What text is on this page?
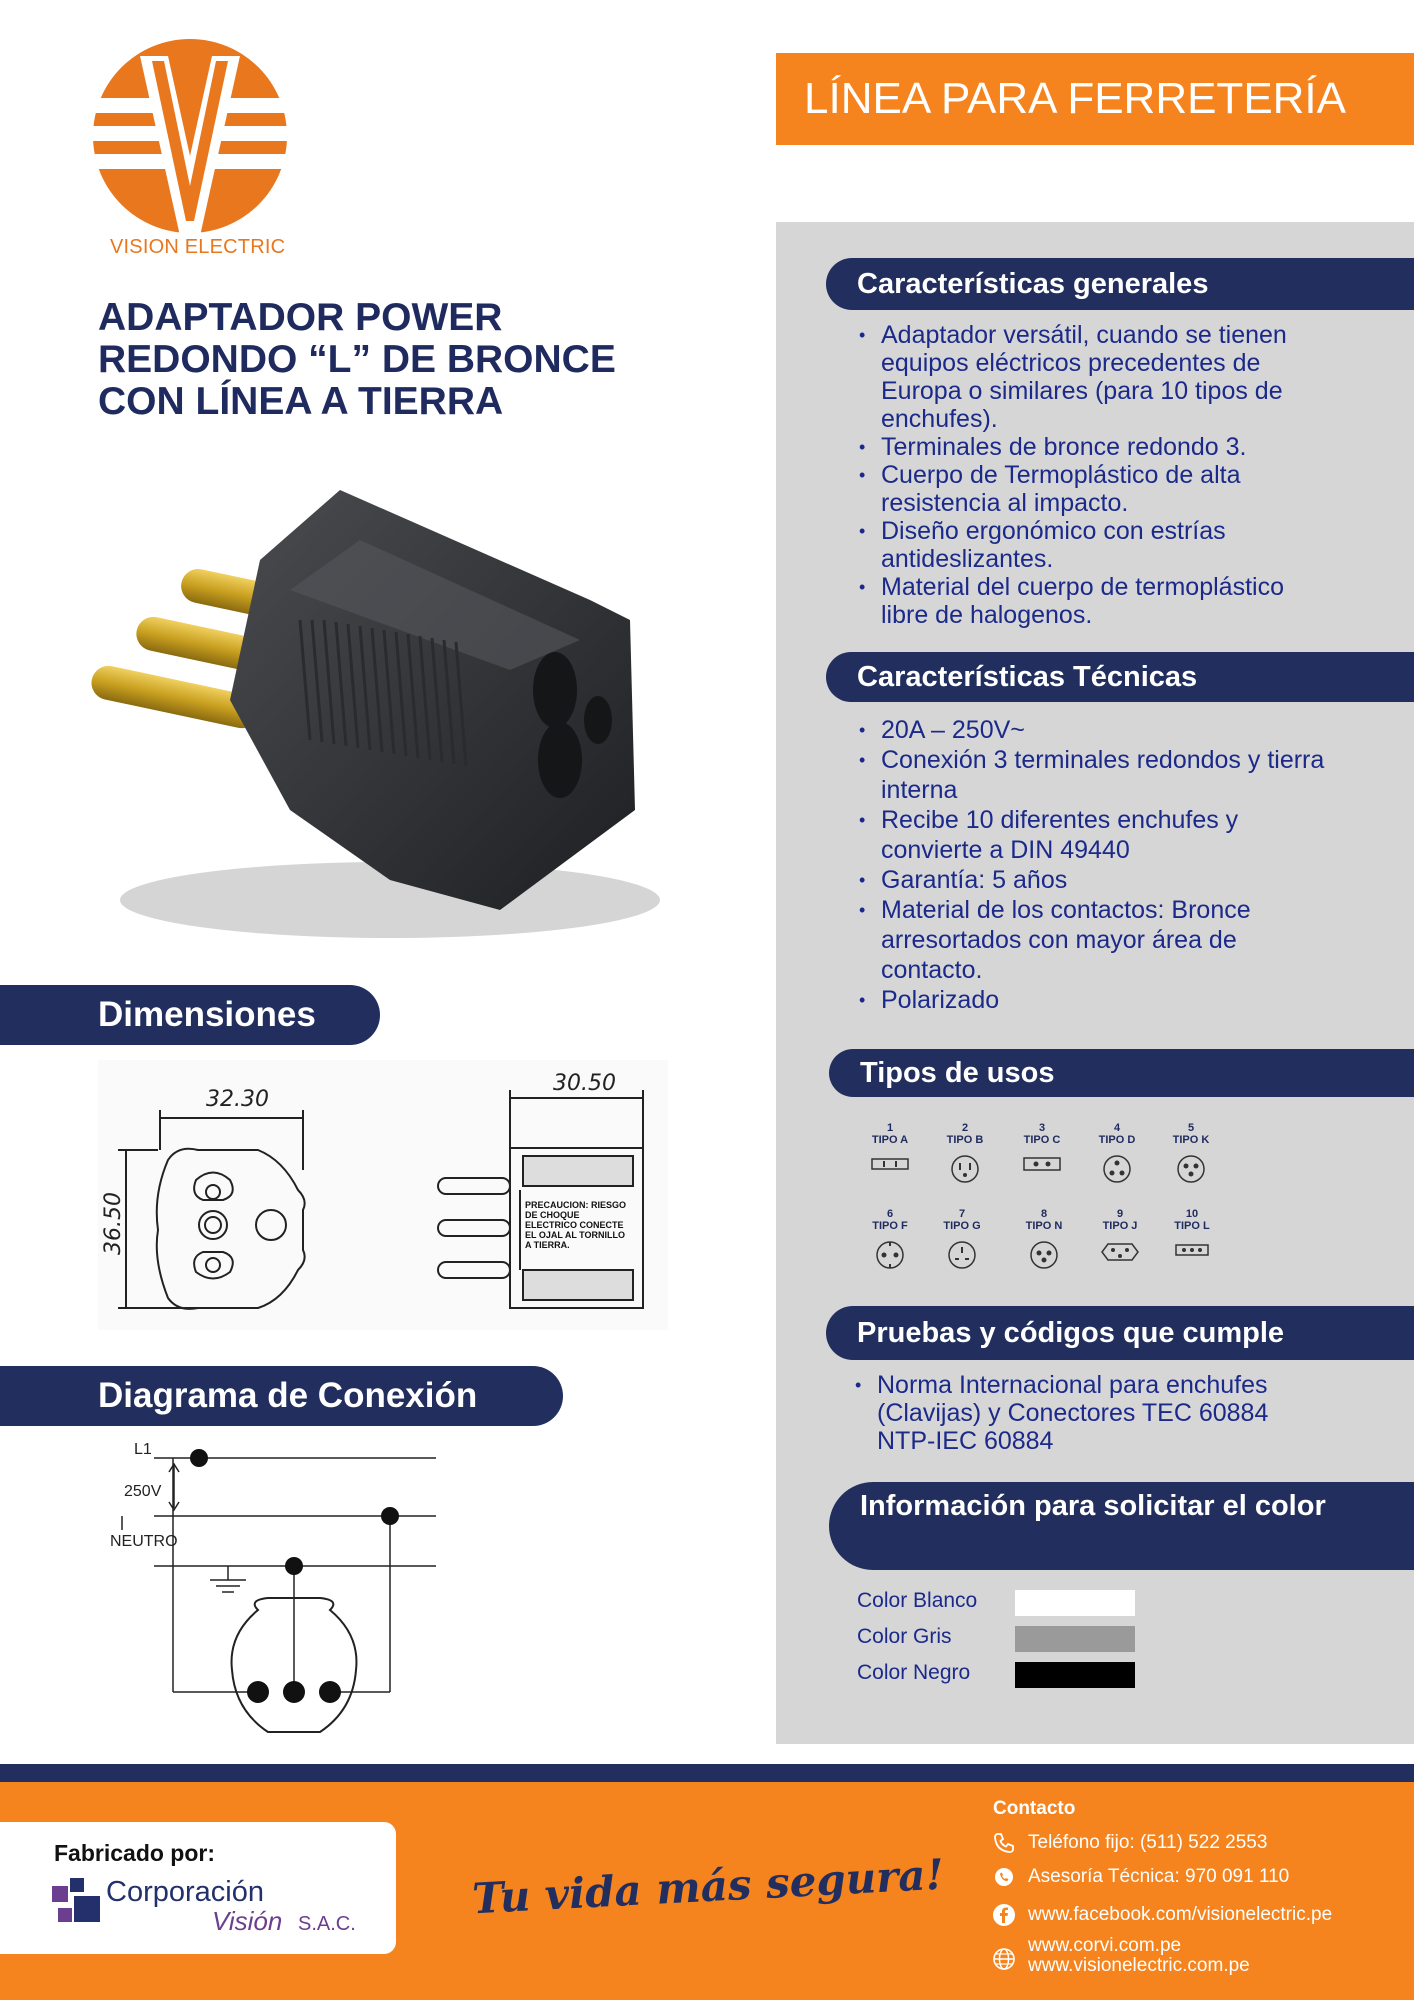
VISION ELECTRIC
ADAPTADOR POWER
REDONDO “L” DE BRONCE
CON LÍNEA A TIERRA
Dimensiones
32.30
36.50
30.50
PRECAUCION: RIESGO DE CHOQUE ELECTRICO CONECTE EL OJAL AL TORNILLO A TIERRA.
Diagrama de Conexión
L1
250V
NEUTRO
LÍNEA PARA FERRETERÍA
Características generales
• Adaptador versátil, cuando se tienen equipos eléctricos precedentes de Europa o similares (para 10 tipos de enchufes).
• Terminales de bronce redondo 3.
• Cuerpo de Termoplástico de alta resistencia al impacto.
• Diseño ergonómico con estrías antideslizantes.
• Material del cuerpo de termoplástico libre de halogenos.
Características Técnicas
• 20A – 250V~
• Conexión 3 terminales redondos y tierra interna
• Recibe 10 diferentes enchufes y convierte a DIN 49440
• Garantía: 5 años
• Material de los contactos: Bronce arresortados con mayor área de contacto.
• Polarizado
Tipos de usos
1
TIPO A
2
TIPO B
3
TIPO C
4
TIPO D
5
TIPO K
6
TIPO F
7
TIPO G
8
TIPO N
9
TIPO J
10
TIPO L
Pruebas y códigos que cumple
• Norma Internacional para enchufes (Clavijas) y Conectores TEC 60884 NTP-IEC 60884
Información para solicitar el color
Color Blanco
Color Gris
Color Negro
Fabricado por:
Corporación
Visión S.A.C.
Tu vida más segura!
Contacto
Teléfono fijo: (511) 522 2553
Asesoría Técnica: 970 091 110
www.facebook.com/visionelectric.pe
www.corvi.com.pe
www.visionelectric.com.pe
